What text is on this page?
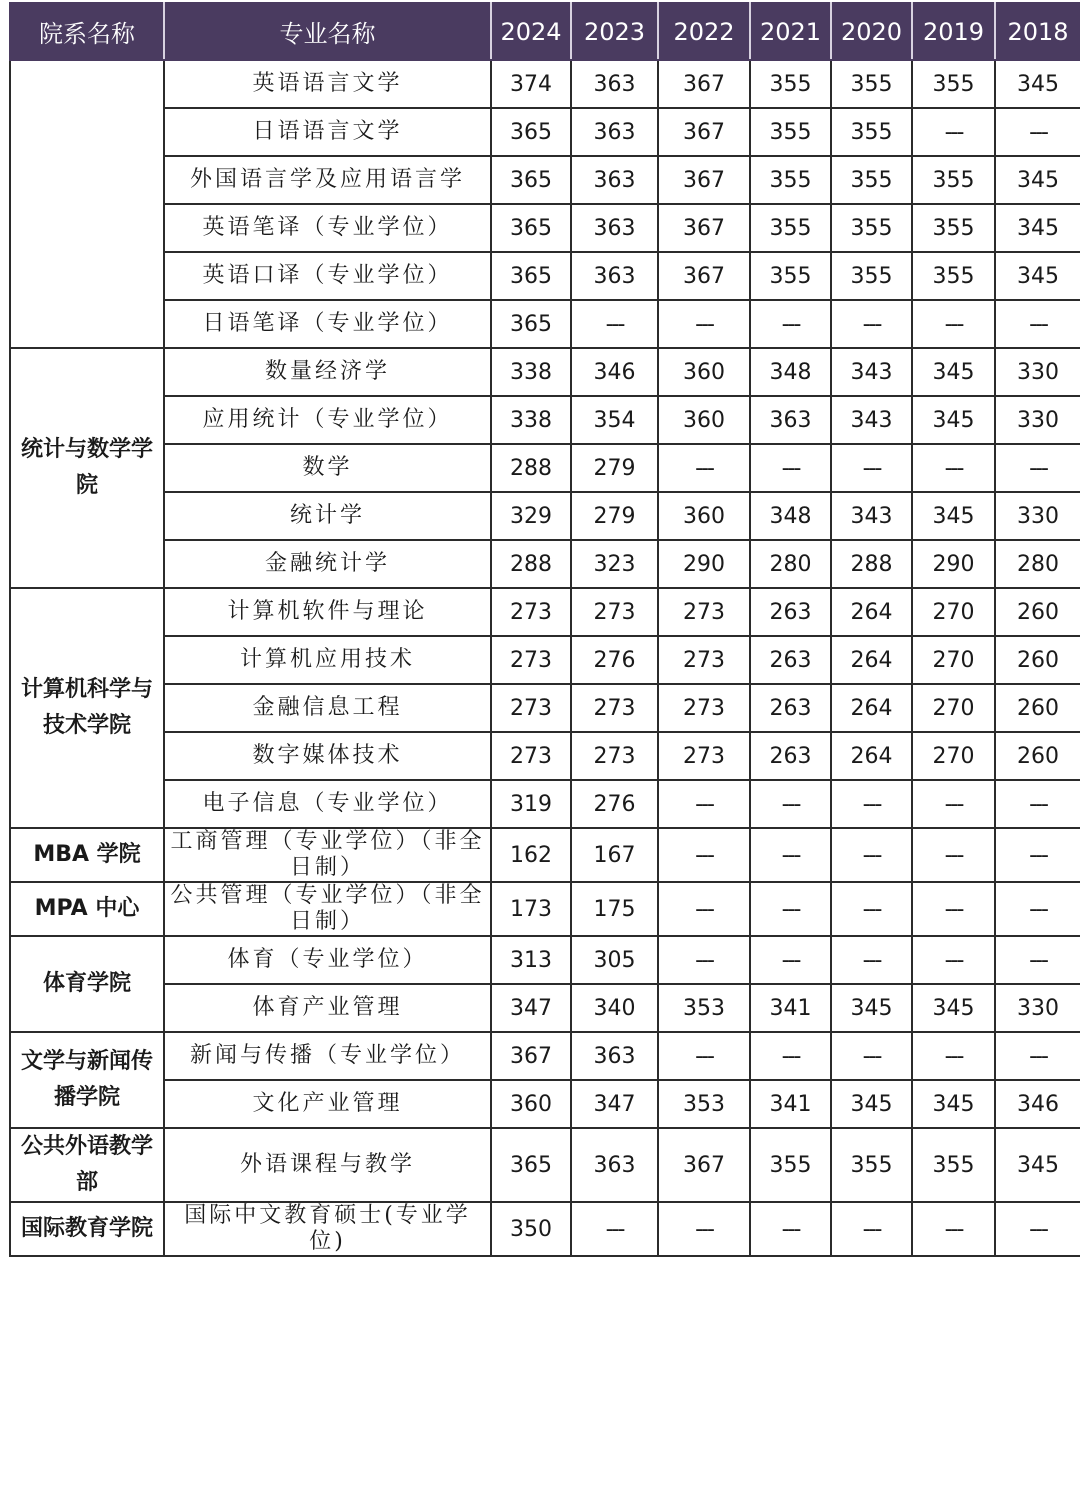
院系名称	专业名称	2024	2023	2022	2021	2020	2019	2018
	英语语言文学	374	363	367	355	355	355	345
	日语语言文学	365	363	367	355	355	---	---
	外国语言学及应用语言学	365	363	367	355	355	355	345
	英语笔译（专业学位）	365	363	367	355	355	355	345
	英语口译（专业学位）	365	363	367	355	355	355	345
	日语笔译（专业学位）	365	---	---	---	---	---	---
统计与数学学院	数量经济学	338	346	360	348	343	345	330
	应用统计（专业学位）	338	354	360	363	343	345	330
	数学	288	279	---	---	---	---	---
	统计学	329	279	360	348	343	345	330
	金融统计学	288	323	290	280	288	290	280
计算机科学与技术学院	计算机软件与理论	273	273	273	263	264	270	260
	计算机应用技术	273	276	273	263	264	270	260
	金融信息工程	273	273	273	263	264	270	260
	数字媒体技术	273	273	273	263	264	270	260
	电子信息（专业学位）	319	276	---	---	---	---	---
MBA 学院	工商管理（专业学位）（非全日制）	162	167	---	---	---	---	---
MPA 中心	公共管理（专业学位）（非全日制）	173	175	---	---	---	---	---
体育学院	体育（专业学位）	313	305	---	---	---	---	---
	体育产业管理	347	340	353	341	345	345	330
文学与新闻传播学院	新闻与传播（专业学位）	367	363	---	---	---	---	---
	文化产业管理	360	347	353	341	345	345	346
公共外语教学部	外语课程与教学	365	363	367	355	355	355	345
国际教育学院	国际中文教育硕士(专业学位)	350	---	---	---	---	---	---
